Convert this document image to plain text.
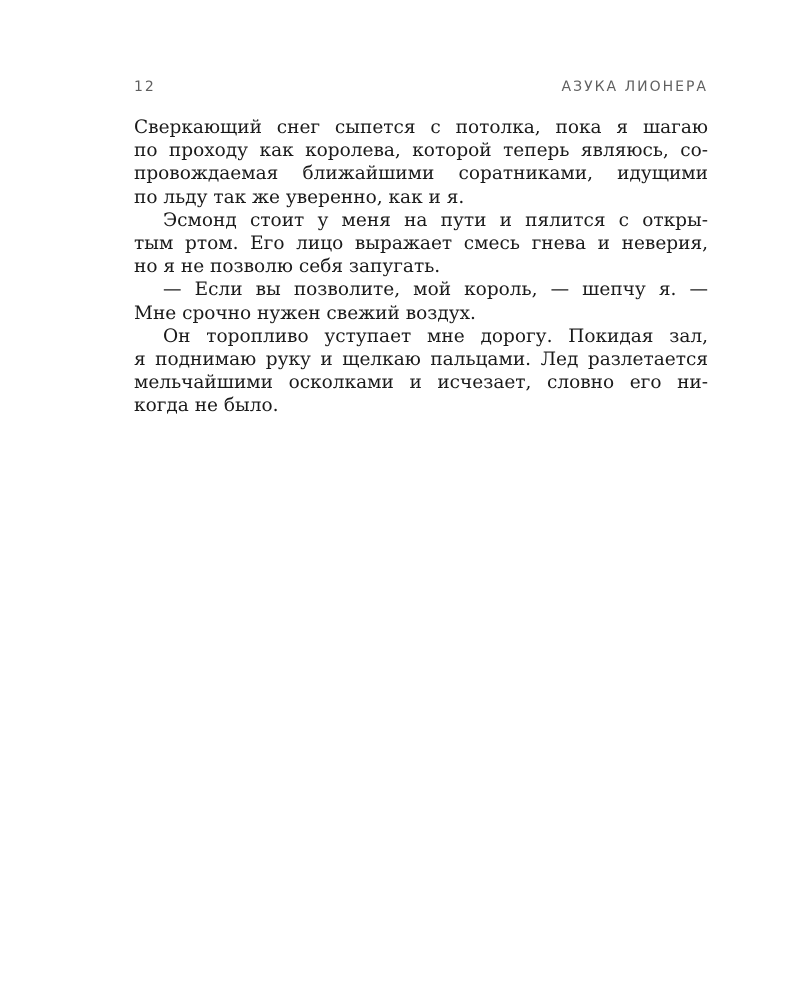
12	АЗУКА ЛИОНЕРА
Сверкающий снег сыпется с потолка, пока я шагаю
по проходу как королева, которой теперь являюсь, со-
провождаемая ближайшими соратниками, идущими
по льду так же уверенно, как и я.
Эсмонд стоит у меня на пути и пялится с откры-
тым ртом. Его лицо выражает смесь гнева и неверия,
но я не позволю себя запугать.
— Если вы позволите, мой король, — шепчу я. —
Мне срочно нужен свежий воздух.
Он торопливо уступает мне дорогу. Покидая зал,
я поднимаю руку и щелкаю пальцами. Лед разлетается
мельчайшими осколками и исчезает, словно его ни-
когда не было.
